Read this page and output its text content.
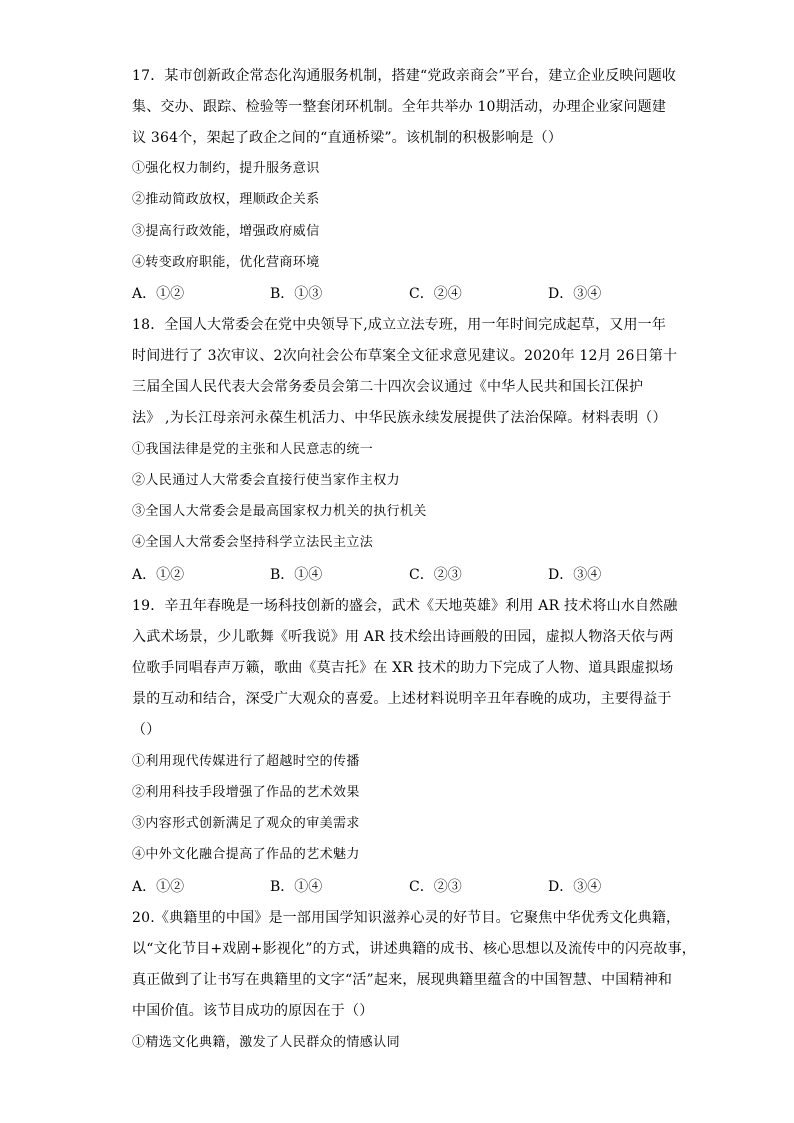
17．某市创新政企常态化沟通服务机制，搭建“党政亲商会”平台，建立企业反映问题收
集、交办、跟踪、检验等一整套闭环机制。全年共举办 10期活动，办理企业家问题建
议 364个，架起了政企之间的“直通桥梁”。该机制的积极影响是（）
①强化权力制约，提升服务意识
②推动简政放权，理顺政企关系
③提高行政效能，增强政府威信
④转变政府职能，优化营商环境
A．①②	B．①③	C．②④	D．③④
18．全国人大常委会在党中央领导下,成立立法专班，用一年时间完成起草，又用一年
时间进行了 3次审议、2次向社会公布草案全文征求意见建议。2020年 12月 26日第十
三届全国人民代表大会常务委员会第二十四次会议通过《中华人民共和国长江保护
法》 ,为长江母亲河永葆生机活力、中华民族永续发展提供了法治保障。材料表明（）
①我国法律是党的主张和人民意志的统一
②人民通过人大常委会直接行使当家作主权力
③全国人大常委会是最高国家权力机关的执行机关
④全国人大常委会坚持科学立法民主立法
A．①②	B．①④	C．②③	D．③④
19．辛丑年春晚是一场科技创新的盛会，武术《天地英雄》利用 AR 技术将山水自然融
入武术场景，少儿歌舞《听我说》用 AR 技术绘出诗画般的田园，虚拟人物洛天依与两
位歌手同唱春声万籁，歌曲《莫吉托》在 XR 技术的助力下完成了人物、道具跟虚拟场
景的互动和结合，深受广大观众的喜爱。上述材料说明辛丑年春晚的成功，主要得益于
（）
①利用现代传媒进行了超越时空的传播
②利用科技手段增强了作品的艺术效果
③内容形式创新满足了观众的审美需求
④中外文化融合提高了作品的艺术魅力
A．①②	B．①④	C．②③	D．③④
20.《典籍里的中国》是一部用国学知识滋养心灵的好节目。它聚焦中华优秀文化典籍，
以“文化节目+戏剧+影视化”的方式，讲述典籍的成书、核心思想以及流传中的闪亮故事，
真正做到了让书写在典籍里的文字“活”起来，展现典籍里蕴含的中国智慧、中国精神和
中国价值。该节目成功的原因在于（）
①精选文化典籍，激发了人民群众的情感认同
